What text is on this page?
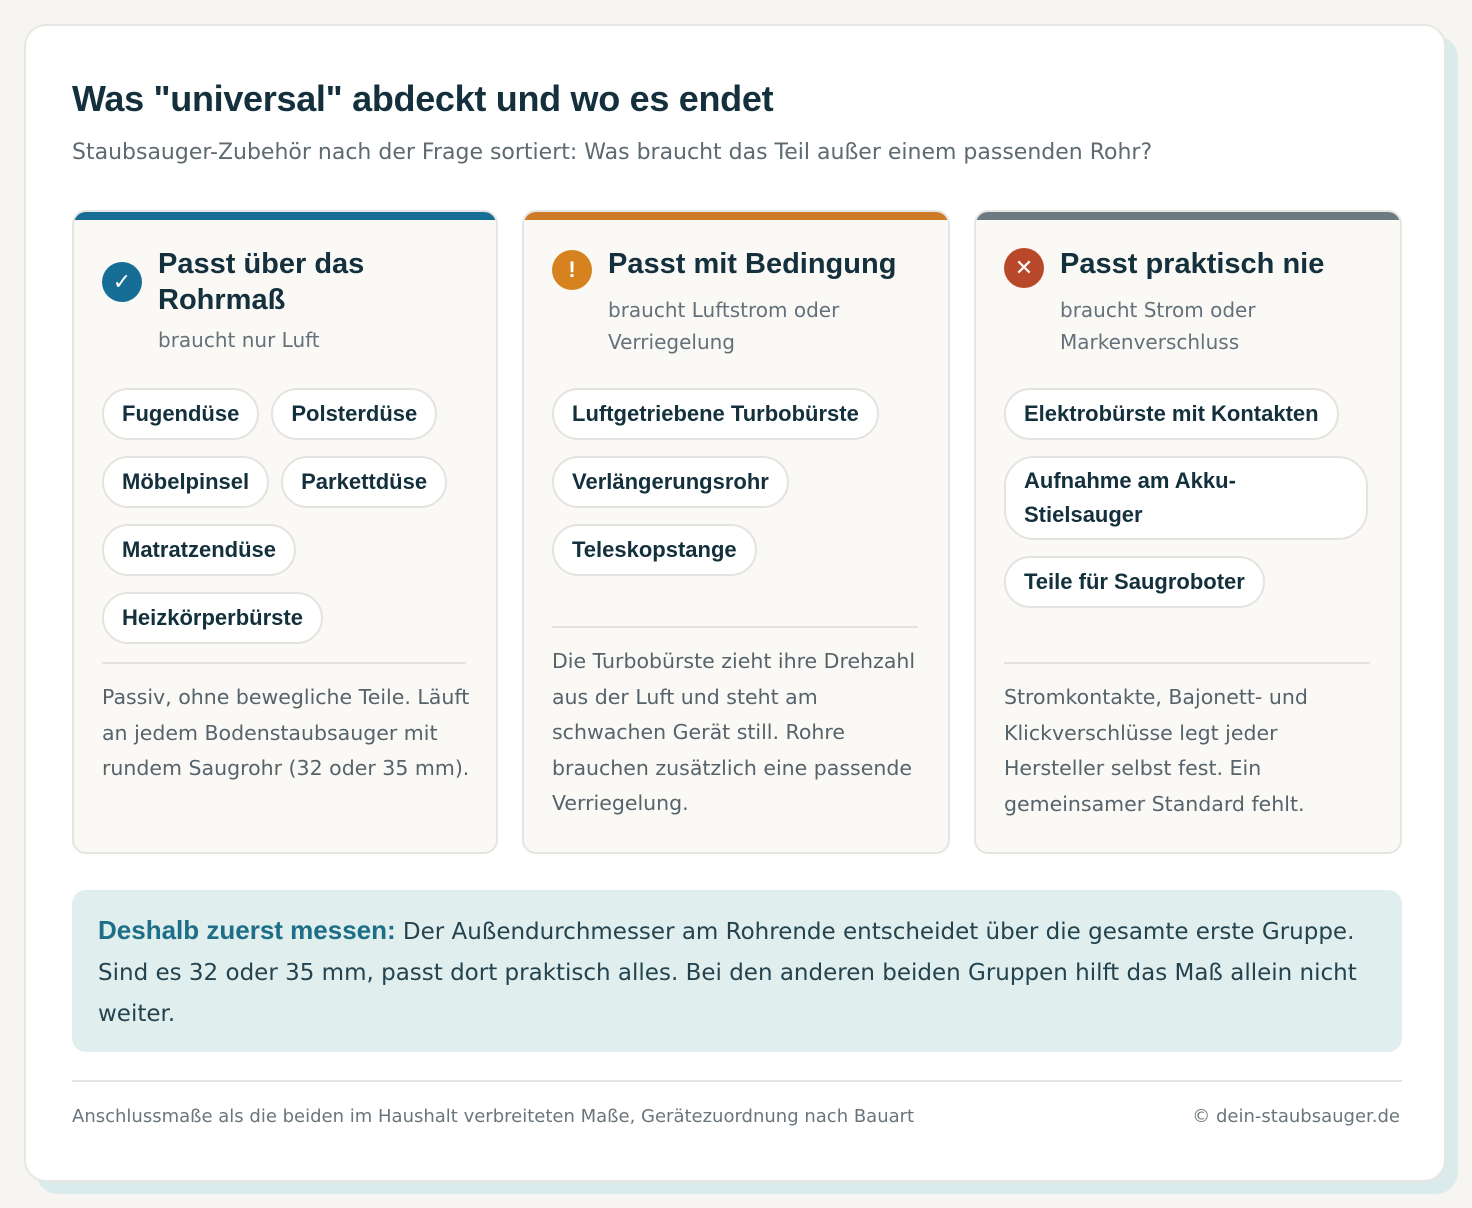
Was "universal" abdeckt und wo es endet

Staubsauger-Zubehör nach der Frage sortiert: Was braucht das Teil außer einem passenden Rohr?

✓
Passt über das Rohrmaß

braucht nur Luft

Fugendüse	Polsterdüse
Möbelpinsel	Parkettdüse
Matratzendüse
Heizkörperbürste

Passiv, ohne bewegliche Teile. Läuft an jedem Bodenstaubsauger mit rundem Saugrohr (32 oder 35 mm).

!	Passt mit Bedingung

braucht Luftstrom oder Verriegelung

Luftgetriebene Turbobürste
Verlängerungsrohr
Teleskopstange

Die Turbobürste zieht ihre Drehzahl aus der Luft und steht am schwachen Gerät still. Rohre brauchen zusätzlich eine passende Verriegelung.

✕ Passt praktisch nie

braucht Strom oder Markenverschluss

Elektrobürste mit Kontakten
Aufnahme am Akku-Stielsauger
Teile für Saugroboter

Stromkontakte, Bajonett- und Klickverschlüsse legt jeder Hersteller selbst fest. Ein gemeinsamer Standard fehlt.

Deshalb zuerst messen: Der Außendurchmesser am Rohrende entscheidet über die gesamte erste Gruppe. Sind es 32 oder 35 mm, passt dort praktisch alles. Bei den anderen beiden Gruppen hilft das Maß allein nicht weiter.
Anschlussmaße als die beiden im Haushalt verbreiteten Maße, Gerätezuordnung nach Bauart	© dein-staubsauger.de
